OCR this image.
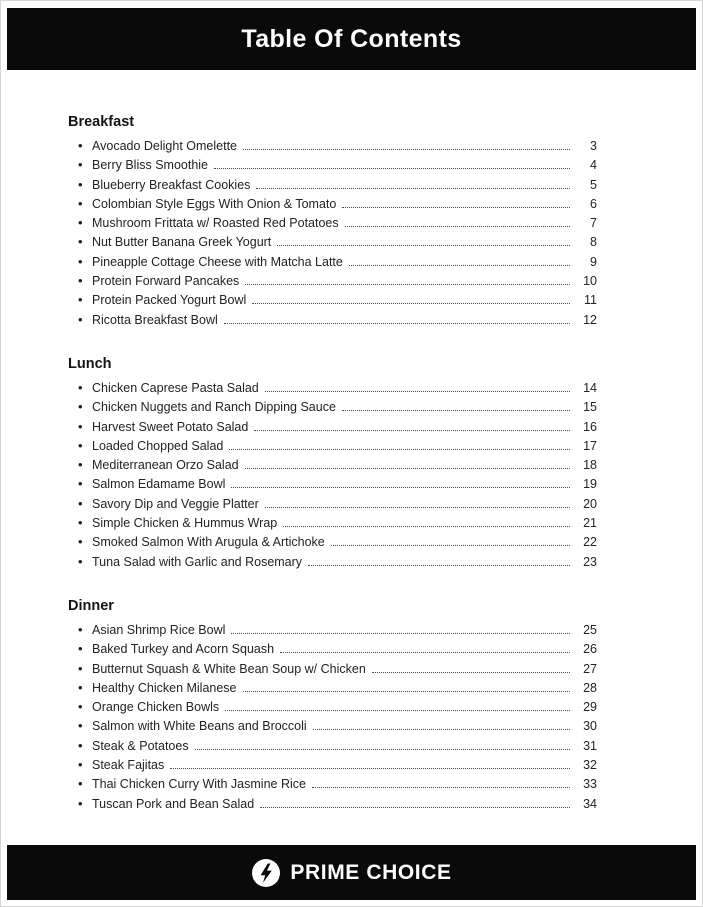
Table Of Contents
Breakfast
• Avocado Delight Omelette	3
• Berry Bliss Smoothie	4
• Blueberry Breakfast Cookies	5
• Colombian Style Eggs With Onion & Tomato	6
• Mushroom Frittata w/ Roasted Red Potatoes	7
• Nut Butter Banana Greek Yogurt	8
• Pineapple Cottage Cheese with Matcha Latte	9
• Protein Forward Pancakes	10
• Protein Packed Yogurt Bowl	11
• Ricotta Breakfast Bowl	12
Lunch
• Chicken Caprese Pasta Salad	14
• Chicken Nuggets and Ranch Dipping Sauce	15
• Harvest Sweet Potato Salad	16
• Loaded Chopped Salad	17
• Mediterranean Orzo Salad	18
• Salmon Edamame Bowl	19
• Savory Dip and Veggie Platter	20
• Simple Chicken & Hummus Wrap	21
• Smoked Salmon With Arugula & Artichoke	22
• Tuna Salad with Garlic and Rosemary	23
Dinner
• Asian Shrimp Rice Bowl	25
• Baked Turkey and Acorn Squash	26
• Butternut Squash & White Bean Soup w/ Chicken	27
• Healthy Chicken Milanese	28
• Orange Chicken Bowls	29
• Salmon with White Beans and Broccoli	30
• Steak & Potatoes	31
• Steak Fajitas	32
• Thai Chicken Curry With Jasmine Rice	33
• Tuscan Pork and Bean Salad	34
PRIME CHOICE
